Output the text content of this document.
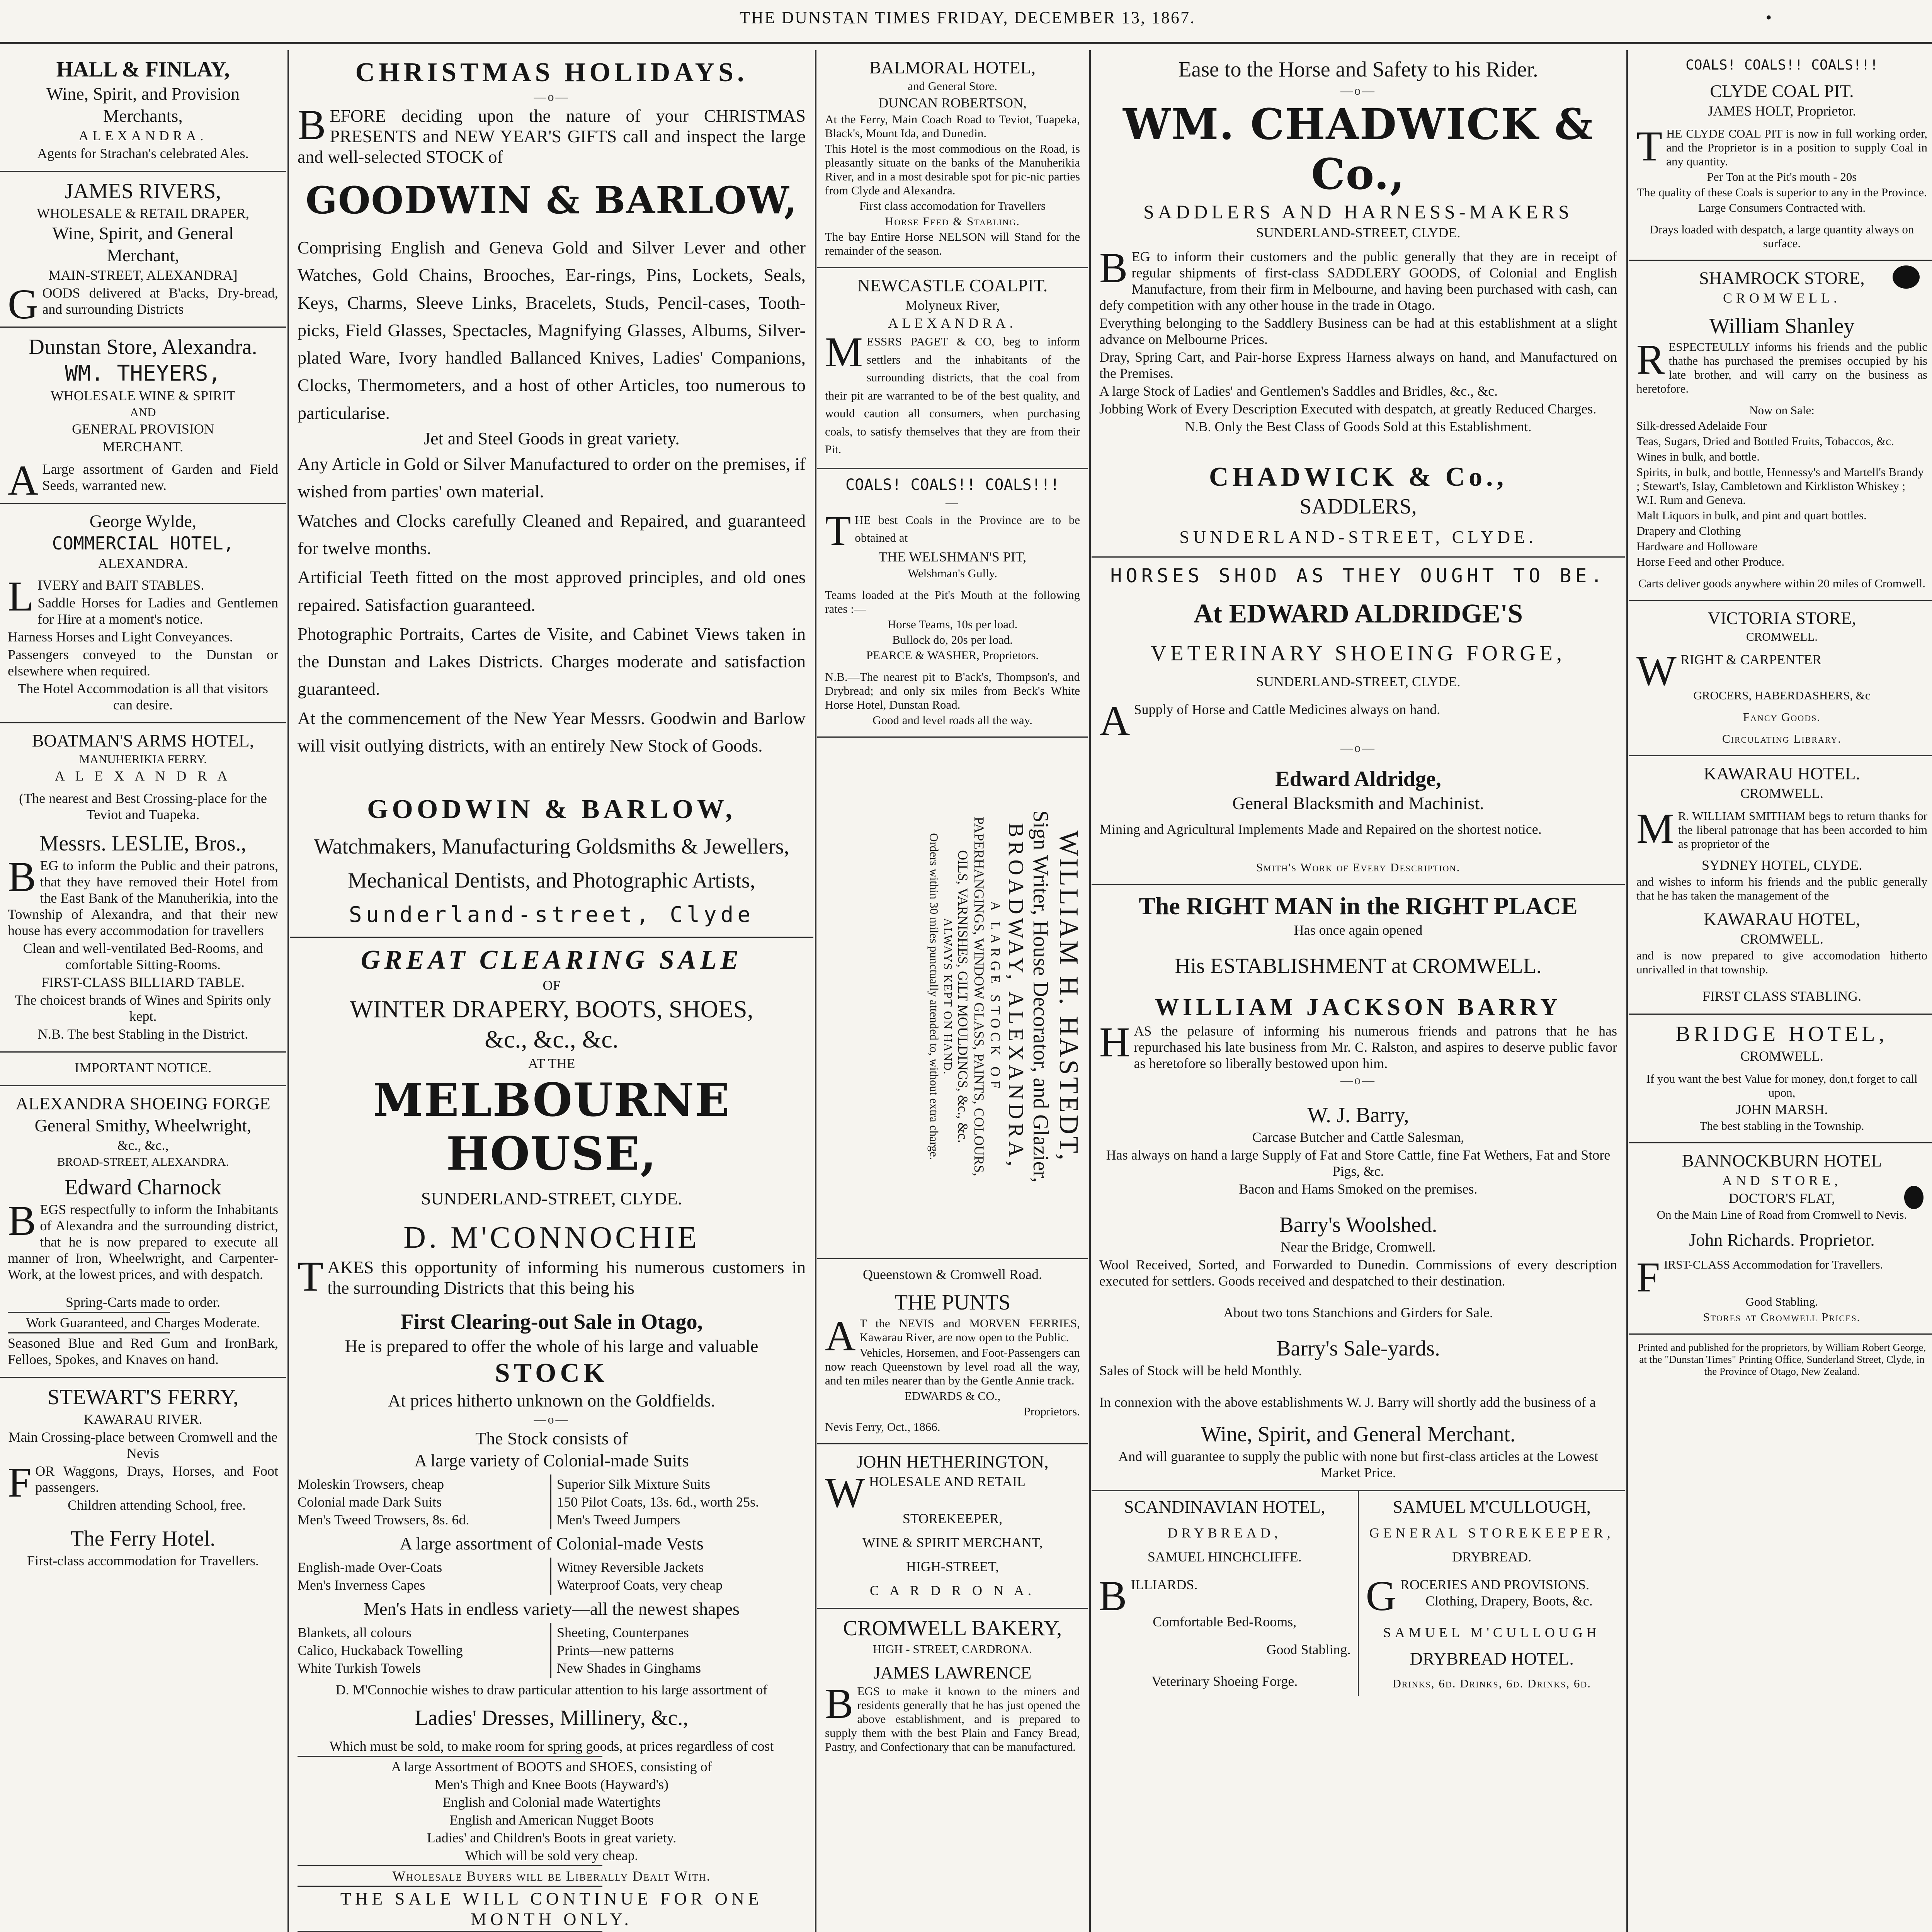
THE DUNSTAN TIMES FRIDAY, DECEMBER 13, 1867.	•

HALL & FINLAY,

Wine, Spirit, and Provision

Merchants,

ALEXANDRA.

Agents for Strachan's celebrated Ales.

JAMES RIVERS,

WHOLESALE & RETAIL DRAPER,

Wine, Spirit, and General

Merchant,

MAIN-STREET, ALEXANDRA]

GOODS delivered at B'acks, Dry-bread, and surrounding Districts

Dunstan Store, Alexandra.

WM. THEYERS,

WHOLESALE WINE & SPIRIT

AND

GENERAL PROVISION

MERCHANT.

A Large assortment of Garden and Field Seeds, warranted new.

George Wylde,

COMMERCIAL HOTEL,

ALEXANDRA.

LIVERY and BAIT STABLES.

Saddle Horses for Ladies and Gentlemen for Hire at a moment's notice.

Harness Horses and Light Conveyances.

Passengers conveyed to the Dunstan or elsewhere when required.

The Hotel Accommodation is all that visitors can desire.

BOATMAN'S ARMS HOTEL,

MANUHERIKIA FERRY.

A L E X A N D R A

(The nearest and Best Crossing-place for the Teviot and Tuapeka.

Messrs. LESLIE, Bros.,

BEG to inform the Public and their patrons, that they have removed their Hotel from the East Bank of the Manuherikia, into the Township of Alexandra, and that their new house has every accommodation for travellers

Clean and well-ventilated Bed-Rooms, and comfortable Sitting-Rooms.

FIRST-CLASS BILLIARD TABLE.

The choicest brands of Wines and Spirits only kept.

N.B. The best Stabling in the District.

IMPORTANT NOTICE.

ALEXANDRA SHOEING FORGE

General Smithy, Wheelwright,

&c., &c.,

BROAD-STREET, ALEXANDRA.

Edward Charnock

BEGS respectfully to inform the Inhabitants of Alexandra and the surrounding district, that he is now prepared to execute all manner of Iron, Wheelwright, and Carpenter-Work, at the lowest prices, and with despatch.

Spring-Carts made to order.

Work Guaranteed, and Charges Moderate.

Seasoned Blue and Red Gum and IronBark, Felloes, Spokes, and Knaves on hand.

STEWART'S FERRY,

KAWARAU RIVER.

Main Crossing-place between Cromwell and the Nevis

FOR Waggons, Drays, Horses, and Foot passengers.

Children attending School, free.

The Ferry Hotel.

First-class accommodation for Travellers.

CHRISTMAS HOLIDAYS.

—o—

BEFORE deciding upon the nature of your CHRISTMAS PRESENTS and NEW YEAR'S GIFTS call and inspect the large and well-selected STOCK of

GOODWIN & BARLOW,

Comprising English and Geneva Gold and Silver Lever and other Watches, Gold Chains, Brooches, Ear-rings, Pins, Lockets, Seals, Keys, Charms, Sleeve Links, Bracelets, Studs, Pencil-cases, Tooth-picks, Field Glasses, Spectacles, Magnifying Glasses, Albums, Silver-plated Ware, Ivory handled Ballanced Knives, Ladies' Companions, Clocks, Thermometers, and a host of other Articles, too numerous to particularise.

Jet and Steel Goods in great variety.

Any Article in Gold or Silver Manufactured to order on the premises, if wished from parties' own material.

Watches and Clocks carefully Cleaned and Repaired, and guaranteed for twelve months.

Artificial Teeth fitted on the most approved principles, and old ones repaired. Satisfaction guaranteed.

Photographic Portraits, Cartes de Visite, and Cabinet Views taken in the Dunstan and Lakes Districts. Charges moderate and satisfaction guaranteed.

At the commencement of the New Year Messrs. Goodwin and Barlow will visit outlying districts, with an entirely New Stock of Goods.

GOODWIN & BARLOW,

Watchmakers, Manufacturing Goldsmiths & Jewellers,

Mechanical Dentists, and Photographic Artists,

Sunderland-street, Clyde

GREAT CLEARING SALE

OF

WINTER DRAPERY, BOOTS, SHOES,

&c., &c., &c.

AT THE

MELBOURNE HOUSE,

SUNDERLAND-STREET, CLYDE.

D. M'CONNOCHIE

TAKES this opportunity of informing his numerous customers in the surrounding Districts that this being his

First Clearing-out Sale in Otago,

He is prepared to offer the whole of his large and valuable

STOCK

At prices hitherto unknown on the Goldfields.

—o—

The Stock consists of

A large variety of Colonial-made Suits

Moleskin Trowsers, cheap

Colonial made Dark Suits

Men's Tweed Trowsers, 8s. 6d.

Superior Silk Mixture Suits

150 Pilot Coats, 13s. 6d., worth 25s.

Men's Tweed Jumpers

A large assortment of Colonial-made Vests

English-made Over-Coats

Men's Inverness Capes

Witney Reversible Jackets

Waterproof Coats, very cheap

Men's Hats in endless variety—all the newest shapes

Blankets, all colours

Calico, Huckaback Towelling

White Turkish Towels

Sheeting, Counterpanes

Prints—new patterns

New Shades in Ginghams

D. M'Connochie wishes to draw particular attention to his large assortment of

Ladies' Dresses, Millinery, &c.,

Which must be sold, to make room for spring goods, at prices regardless of cost

A large Assortment of BOOTS and SHOES, consisting of

Men's Thigh and Knee Boots (Hayward's)

English and Colonial made Watertights

English and American Nugget Boots

Ladies' and Children's Boots in great variety.

Which will be sold very cheap.

Wholesale Buyers will be Liberally Dealt With.

THE SALE WILL CONTINUE FOR ONE MONTH ONLY.

BALMORAL HOTEL,

and General Store.

DUNCAN ROBERTSON,

At the Ferry, Main Coach Road to Teviot, Tuapeka, Black's, Mount Ida, and Dunedin.

This Hotel is the most commodious on the Road, is pleasantly situate on the banks of the Manuherikia River, and in a most desirable spot for pic-nic parties from Clyde and Alexandra.

First class accomodation for Travellers

Horse Feed & Stabling.

The bay Entire Horse NELSON will Stand for the remainder of the season.

NEWCASTLE COALPIT.

Molyneux River,

ALEXANDRA.

MESSRS PAGET & CO, beg to inform settlers and the inhabitants of the surrounding districts, that the coal from their pit are warranted to be of the best quality, and would caution all consumers, when purchasing coals, to satisfy themselves that they are from their Pit.

COALS! COALS!! COALS!!!

—

THE best Coals in the Province are to be obtained at

THE WELSHMAN'S PIT,

Welshman's Gully.

Teams loaded at the Pit's Mouth at the following rates :—

Horse Teams, 10s per load.

Bullock do, 20s per load.

PEARCE & WASHER, Proprietors.

N.B.—The nearest pit to B'ack's, Thompson's, and Drybread; and only six miles from Beck's White Horse Hotel, Dunstan Road.

Good and level roads all the way.

WILLIAM H. HASTEDT,

Sign Writer, House Decorator, and Glazier,

BROADWAY, ALEXANDRA,

A LARGE STOCK OF

PAPERHANGINGS, WINDOW GLASS, PAINTS, COLOURS,

OILS, VARNISHES, GILT MOULDINGS, &c., &c.

ALWAYS KEPT ON HAND.

Orders within 30 miles punctually attended to, without extra charge.

Queenstown & Cromwell Road.

THE PUNTS

A T the NEVIS and MORVEN FERRIES, Kawarau River, are now open to the Public.

Vehicles, Horsemen, and Foot-Passengers can now reach Queenstown by level road all the way, and ten miles nearer than by the Gentle Annie track.

EDWARDS & CO.,

Proprietors.

Nevis Ferry, Oct., 1866.

JOHN HETHERINGTON,

WHOLESALE AND RETAIL

STOREKEEPER,

WINE & SPIRIT MERCHANT,

HIGH-STREET,

C A R D R O N A.

CROMWELL BAKERY,

HIGH - STREET, CARDRONA.

JAMES LAWRENCE

BEGS to make it known to the miners and residents generally that he has just opened the above establishment, and is prepared to supply them with the best Plain and Fancy Bread, Pastry, and Confectionary that can be manufactured.

Ease to the Horse and Safety to his Rider.

—o—

WM. CHADWICK & Co.,

SADDLERS AND HARNESS-MAKERS

SUNDERLAND-STREET, CLYDE.

BEG to inform their customers and the public generally that they are in receipt of regular shipments of first-class SADDLERY GOODS, of Colonial and English Manufacture, from their firm in Melbourne, and having been purchased with cash, can defy competition with any other house in the trade in Otago.

Everything belonging to the Saddlery Business can be had at this establishment at a slight advance on Melbourne Prices.

Dray, Spring Cart, and Pair-horse Express Harness always on hand, and Manufactured on the Premises.

A large Stock of Ladies' and Gentlemen's Saddles and Bridles, &c., &c.

Jobbing Work of Every Description Executed with despatch, at greatly Reduced Charges.

N.B. Only the Best Class of Goods Sold at this Establishment.

CHADWICK & Co.,

SADDLERS,

SUNDERLAND-STREET, CLYDE.

HORSES SHOD AS THEY OUGHT TO BE.

At EDWARD ALDRIDGE'S

VETERINARY SHOEING FORGE,

SUNDERLAND-STREET, CLYDE.

A Supply of Horse and Cattle Medicines always on hand.

—o—

Edward Aldridge,

General Blacksmith and Machinist.

Mining and Agricultural Implements Made and Repaired on the shortest notice.

Smith's Work of Every Description.

The RIGHT MAN in the RIGHT PLACE

Has once again opened

His ESTABLISHMENT at CROMWELL.

WILLIAM JACKSON BARRY

HAS the pelasure of informing his numerous friends and patrons that he has repurchased his late business from Mr. C. Ralston, and aspires to deserve public favor as heretofore so liberally bestowed upon him.

—o—

W. J. Barry,

Carcase Butcher and Cattle Salesman,

Has always on hand a large Supply of Fat and Store Cattle, fine Fat Wethers, Fat and Store Pigs, &c.

Bacon and Hams Smoked on the premises.

Barry's Woolshed.

Near the Bridge, Cromwell.

Wool Received, Sorted, and Forwarded to Dunedin. Commissions of every description executed for settlers. Goods received and despatched to their destination.

About two tons Stanchions and Girders for Sale.

Barry's Sale-yards.

Sales of Stock will be held Monthly.

In connexion with the above establishments W. J. Barry will shortly add the business of a

Wine, Spirit, and General Merchant.

And will guarantee to supply the public with none but first-class articles at the Lowest Market Price.

SCANDINAVIAN HOTEL,

DRYBREAD,

SAMUEL HINCHCLIFFE.

BILLIARDS.

Comfortable Bed-Rooms,

Good Stabling.

Veterinary Shoeing Forge.

SAMUEL M'CULLOUGH,

GENERAL STOREKEEPER,

DRYBREAD.

GROCERIES AND PROVISIONS.

Clothing, Drapery, Boots, &c.

SAMUEL M'CULLOUGH

DRYBREAD HOTEL.

Drinks, 6d. Drinks, 6d. Drinks, 6d.

COALS! COALS!! COALS!!!

CLYDE COAL PIT.

JAMES HOLT, Proprietor.

THE CLYDE COAL PIT is now in full working order, and the Proprietor is in a position to supply Coal in any quantity.

Per Ton at the Pit's mouth - 20s

The quality of these Coals is superior to any in the Province.

Large Consumers Contracted with.

Drays loaded with despatch, a large quantity always on surface.

SHAMROCK STORE,

CROMWELL.

William Shanley

RESPECTEULLY informs his friends and the public thathe has purchased the premises occupied by his late brother, and will carry on the business as heretofore.

Now on Sale:

Silk-dressed Adelaide Four

Teas, Sugars, Dried and Bottled Fruits, Tobaccos, &c.

Wines in bulk, and bottle.

Spirits, in bulk, and bottle, Hennessy's and Martell's Brandy ; Stewart's, Islay, Cambletown and Kirkliston Whiskey ; W.I. Rum and Geneva.

Malt Liquors in bulk, and pint and quart bottles.

Drapery and Clothing

Hardware and Holloware

Horse Feed and other Produce.

Carts deliver goods anywhere within 20 miles of Cromwell.

VICTORIA STORE,

CROMWELL.

WRIGHT & CARPENTER

GROCERS, HABERDASHERS, &c

Fancy Goods.

Circulating Library.

KAWARAU HOTEL.

CROMWELL.

M R. WILLIAM SMITHAM begs to return thanks for the liberal patronage that has been accorded to him as proprietor of the

SYDNEY HOTEL, CLYDE.

and wishes to inform his friends and the public generally that he has taken the management of the

KAWARAU HOTEL,

CROMWELL.

and is now prepared to give accomodation hitherto unrivalled in that township.

FIRST CLASS STABLING.

BRIDGE HOTEL,

CROMWELL.

If you want the best Value for money, don,t forget to call upon,

JOHN MARSH.

The best stabling in the Township.

BANNOCKBURN HOTEL

AND STORE,

DOCTOR'S FLAT,

On the Main Line of Road from Cromwell to Nevis.

John Richards. Proprietor.

FIRST-CLASS Accommodation for Travellers.

Good Stabling.

Stores at Cromwell Prices.

Printed and published for the proprietors, by William Robert George, at the "Dunstan Times" Printing Office, Sunderland Street, Clyde, in the Province of Otago, New Zealand.
